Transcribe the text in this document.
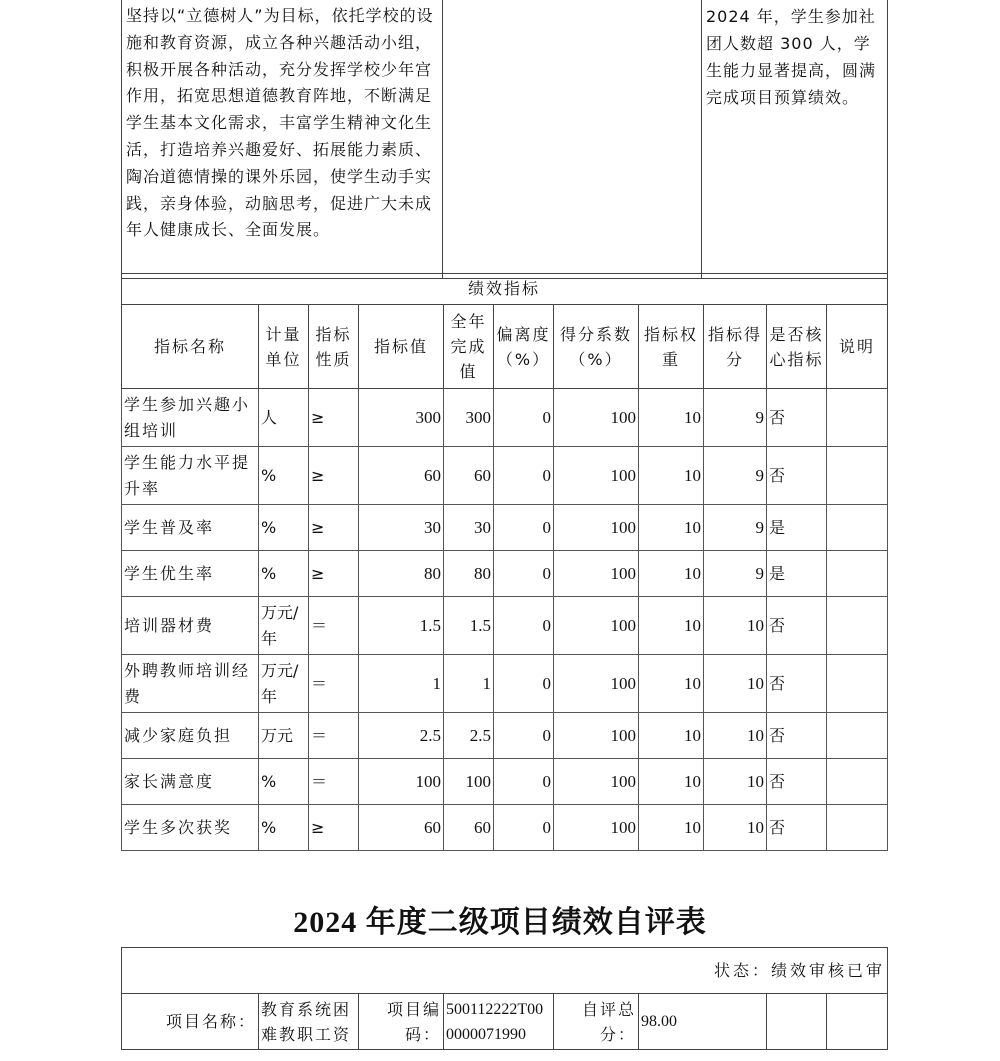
坚持以“立德树人”为目标，依托学校的设施和教育资源，成立各种兴趣活动小组，积极开展各种活动，充分发挥学校少年宫作用，拓宽思想道德教育阵地，不断满足学生基本文化需求，丰富学生精神文化生活，打造培养兴趣爱好、拓展能力素质、陶冶道德情操的课外乐园，使学生动手实践，亲身体验，动脑思考，促进广大未成年人健康成长、全面发展。		2024 年，学生参加社团人数超 300 人，学生能力显著提高，圆满完成项目预算绩效。
绩效指标										
指标名称	计量单位	指标性质	指标值	全年完成值	偏离度（%）	得分系数（%）	指标权重	指标得分	是否核心指标	说明
学生参加兴趣小组培训	人	≥	300	300	0	100	10	9	否	
学生能力水平提升率	%	≥	60	60	0	100	10	9	否	
学生普及率	%	≥	30	30	0	100	10	9	是	
学生优生率	%	≥	80	80	0	100	10	9	是	
培训器材费	万元/年	＝	1.5	1.5	0	100	10	10	否	
外聘教师培训经费	万元/年	＝	1	1	0	100	10	10	否	
减少家庭负担	万元	＝	2.5	2.5	0	100	10	10	否	
家长满意度	%	＝	100	100	0	100	10	10	否	
学生多次获奖	%	≥	60	60	0	100	10	10	否	
2024 年度二级项目绩效自评表
状态：绩效审核已审
项目名称：	教育系统困难教职工资	项目编码：	500112222T000000071990	自评总分：	98.00		
